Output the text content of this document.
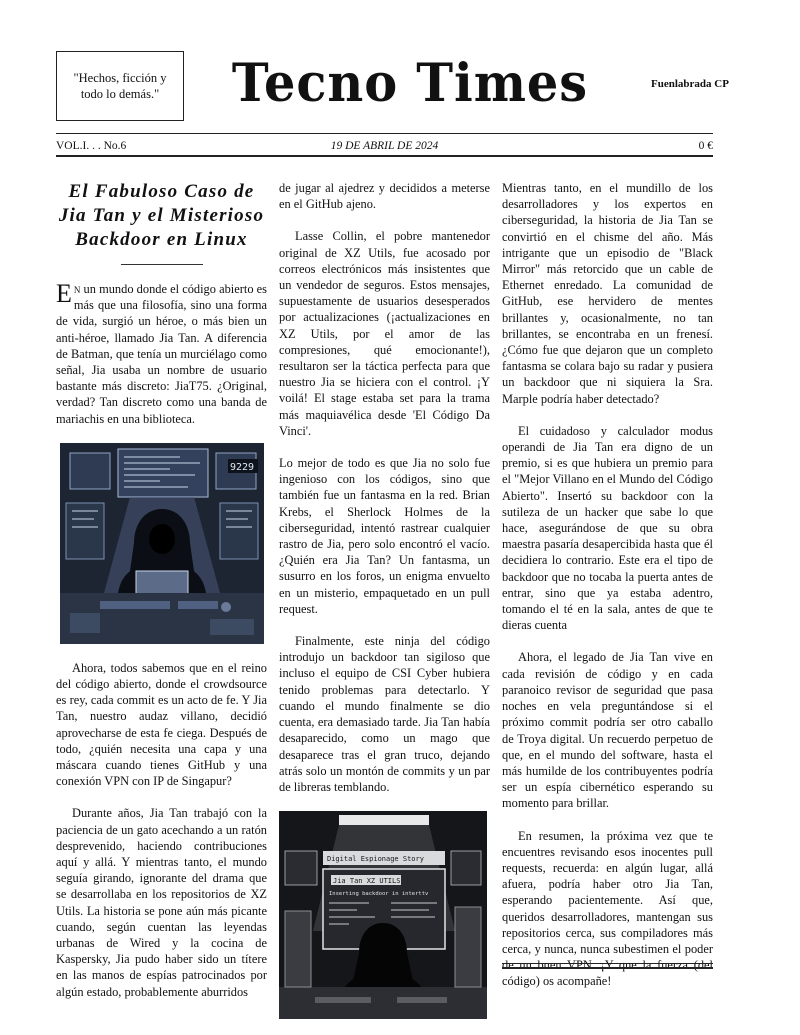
"Hechos, ficción y todo lo demás."	Tecno Times	Fuenlabrada CP
VOL.I. . . No.6	19 DE ABRIL DE 2024	0 €
El Fabuloso Caso de Jia Tan y el Misterioso Backdoor en Linux

En un mundo donde el código abierto es más que una filosofía, sino una forma de vida, surgió un héroe, o más bien un anti-héroe, llamado Jia Tan. A diferencia de Batman, que tenía un murciélago como señal, Jia usaba un nombre de usuario bastante más discreto: JiaT75. ¿Original, verdad? Tan discreto como una banda de mariachis en una biblioteca.

9229

Ahora, todos sabemos que en el reino del código abierto, donde el crowdsource es rey, cada commit es un acto de fe. Y Jia Tan, nuestro audaz villano, decidió aprovecharse de esta fe ciega. Después de todo, ¿quién necesita una capa y una máscara cuando tienes GitHub y una conexión VPN con IP de Singapur?

Durante años, Jia Tan trabajó con la paciencia de un gato acechando a un ratón desprevenido, haciendo contribuciones aquí y allá. Y mientras tanto, el mundo seguía girando, ignorante del drama que se desarrollaba en los repositorios de XZ Utils. La historia se pone aún más picante cuando, según cuentan las leyendas urbanas de Wired y la cocina de Kaspersky, Jia pudo haber sido un títere en las manos de espías patrocinados por algún estado, probablemente aburridos

de jugar al ajedrez y decididos a meterse en el GitHub ajeno.

Lasse Collin, el pobre mantenedor original de XZ Utils, fue acosado por correos electrónicos más insistentes que un vendedor de seguros. Estos mensajes, supuestamente de usuarios desesperados por actualizaciones (¡actualizaciones en XZ Utils, por el amor de las compresiones, qué emocionante!), resultaron ser la táctica perfecta para que nuestro Jia se hiciera con el control. ¡Y voilá! El stage estaba set para la trama más maquiavélica desde 'El Código Da Vinci'.

Lo mejor de todo es que Jia no solo fue ingenioso con los códigos, sino que también fue un fantasma en la red. Brian Krebs, el Sherlock Holmes de la ciberseguridad, intentó rastrear cualquier rastro de Jia, pero solo encontró el vacío. ¿Quién era Jia Tan? Un fantasma, un susurro en los foros, un enigma envuelto en un misterio, empaquetado en un pull request.

Finalmente, este ninja del código introdujo un backdoor tan sigiloso que incluso el equipo de CSI Cyber hubiera tenido problemas para detectarlo. Y cuando el mundo finalmente se dio cuenta, era demasiado tarde. Jia Tan había desaparecido, como un mago que desaparece tras el gran truco, dejando atrás solo un montón de commits y un par de libreras temblando.

Digital Espionage Story
Jia Tan XZ UTILS
Inserting backdoor in interttv

Mientras tanto, en el mundillo de los desarrolladores y los expertos en ciberseguridad, la historia de Jia Tan se convirtió en el chisme del año. Más intrigante que un episodio de "Black Mirror" más retorcido que un cable de Ethernet enredado. La comunidad de GitHub, ese hervidero de mentes brillantes y, ocasionalmente, no tan brillantes, se encontraba en un frenesí. ¿Cómo fue que dejaron que un completo fantasma se colara bajo su radar y pusiera un backdoor que ni siquiera la Sra. Marple podría haber detectado?

El cuidadoso y calculador modus operandi de Jia Tan era digno de un premio, si es que hubiera un premio para el "Mejor Villano en el Mundo del Código Abierto". Insertó su backdoor con la sutileza de un hacker que sabe lo que hace, asegurándose de que su obra maestra pasaría desapercibida hasta que él decidiera lo contrario. Este era el tipo de backdoor que no tocaba la puerta antes de entrar, sino que ya estaba adentro, tomando el té en la sala, antes de que te dieras cuenta

Ahora, el legado de Jia Tan vive en cada revisión de código y en cada paranoico revisor de seguridad que pasa noches en vela preguntándose si el próximo commit podría ser otro caballo de Troya digital. Un recuerdo perpetuo de que, en el mundo del software, hasta el más humilde de los contribuyentes podría ser un espía cibernético esperando su momento para brillar.

En resumen, la próxima vez que te encuentres revisando esos inocentes pull requests, recuerda: en algún lugar, allá afuera, podría haber otro Jia Tan, esperando pacientemente. Así que, queridos desarrolladores, mantengan sus repositorios cerca, sus compiladores más cerca, y nunca, nunca subestimen el poder de un buen VPN. ¡Y que la fuerza (del código) os acompañe!
